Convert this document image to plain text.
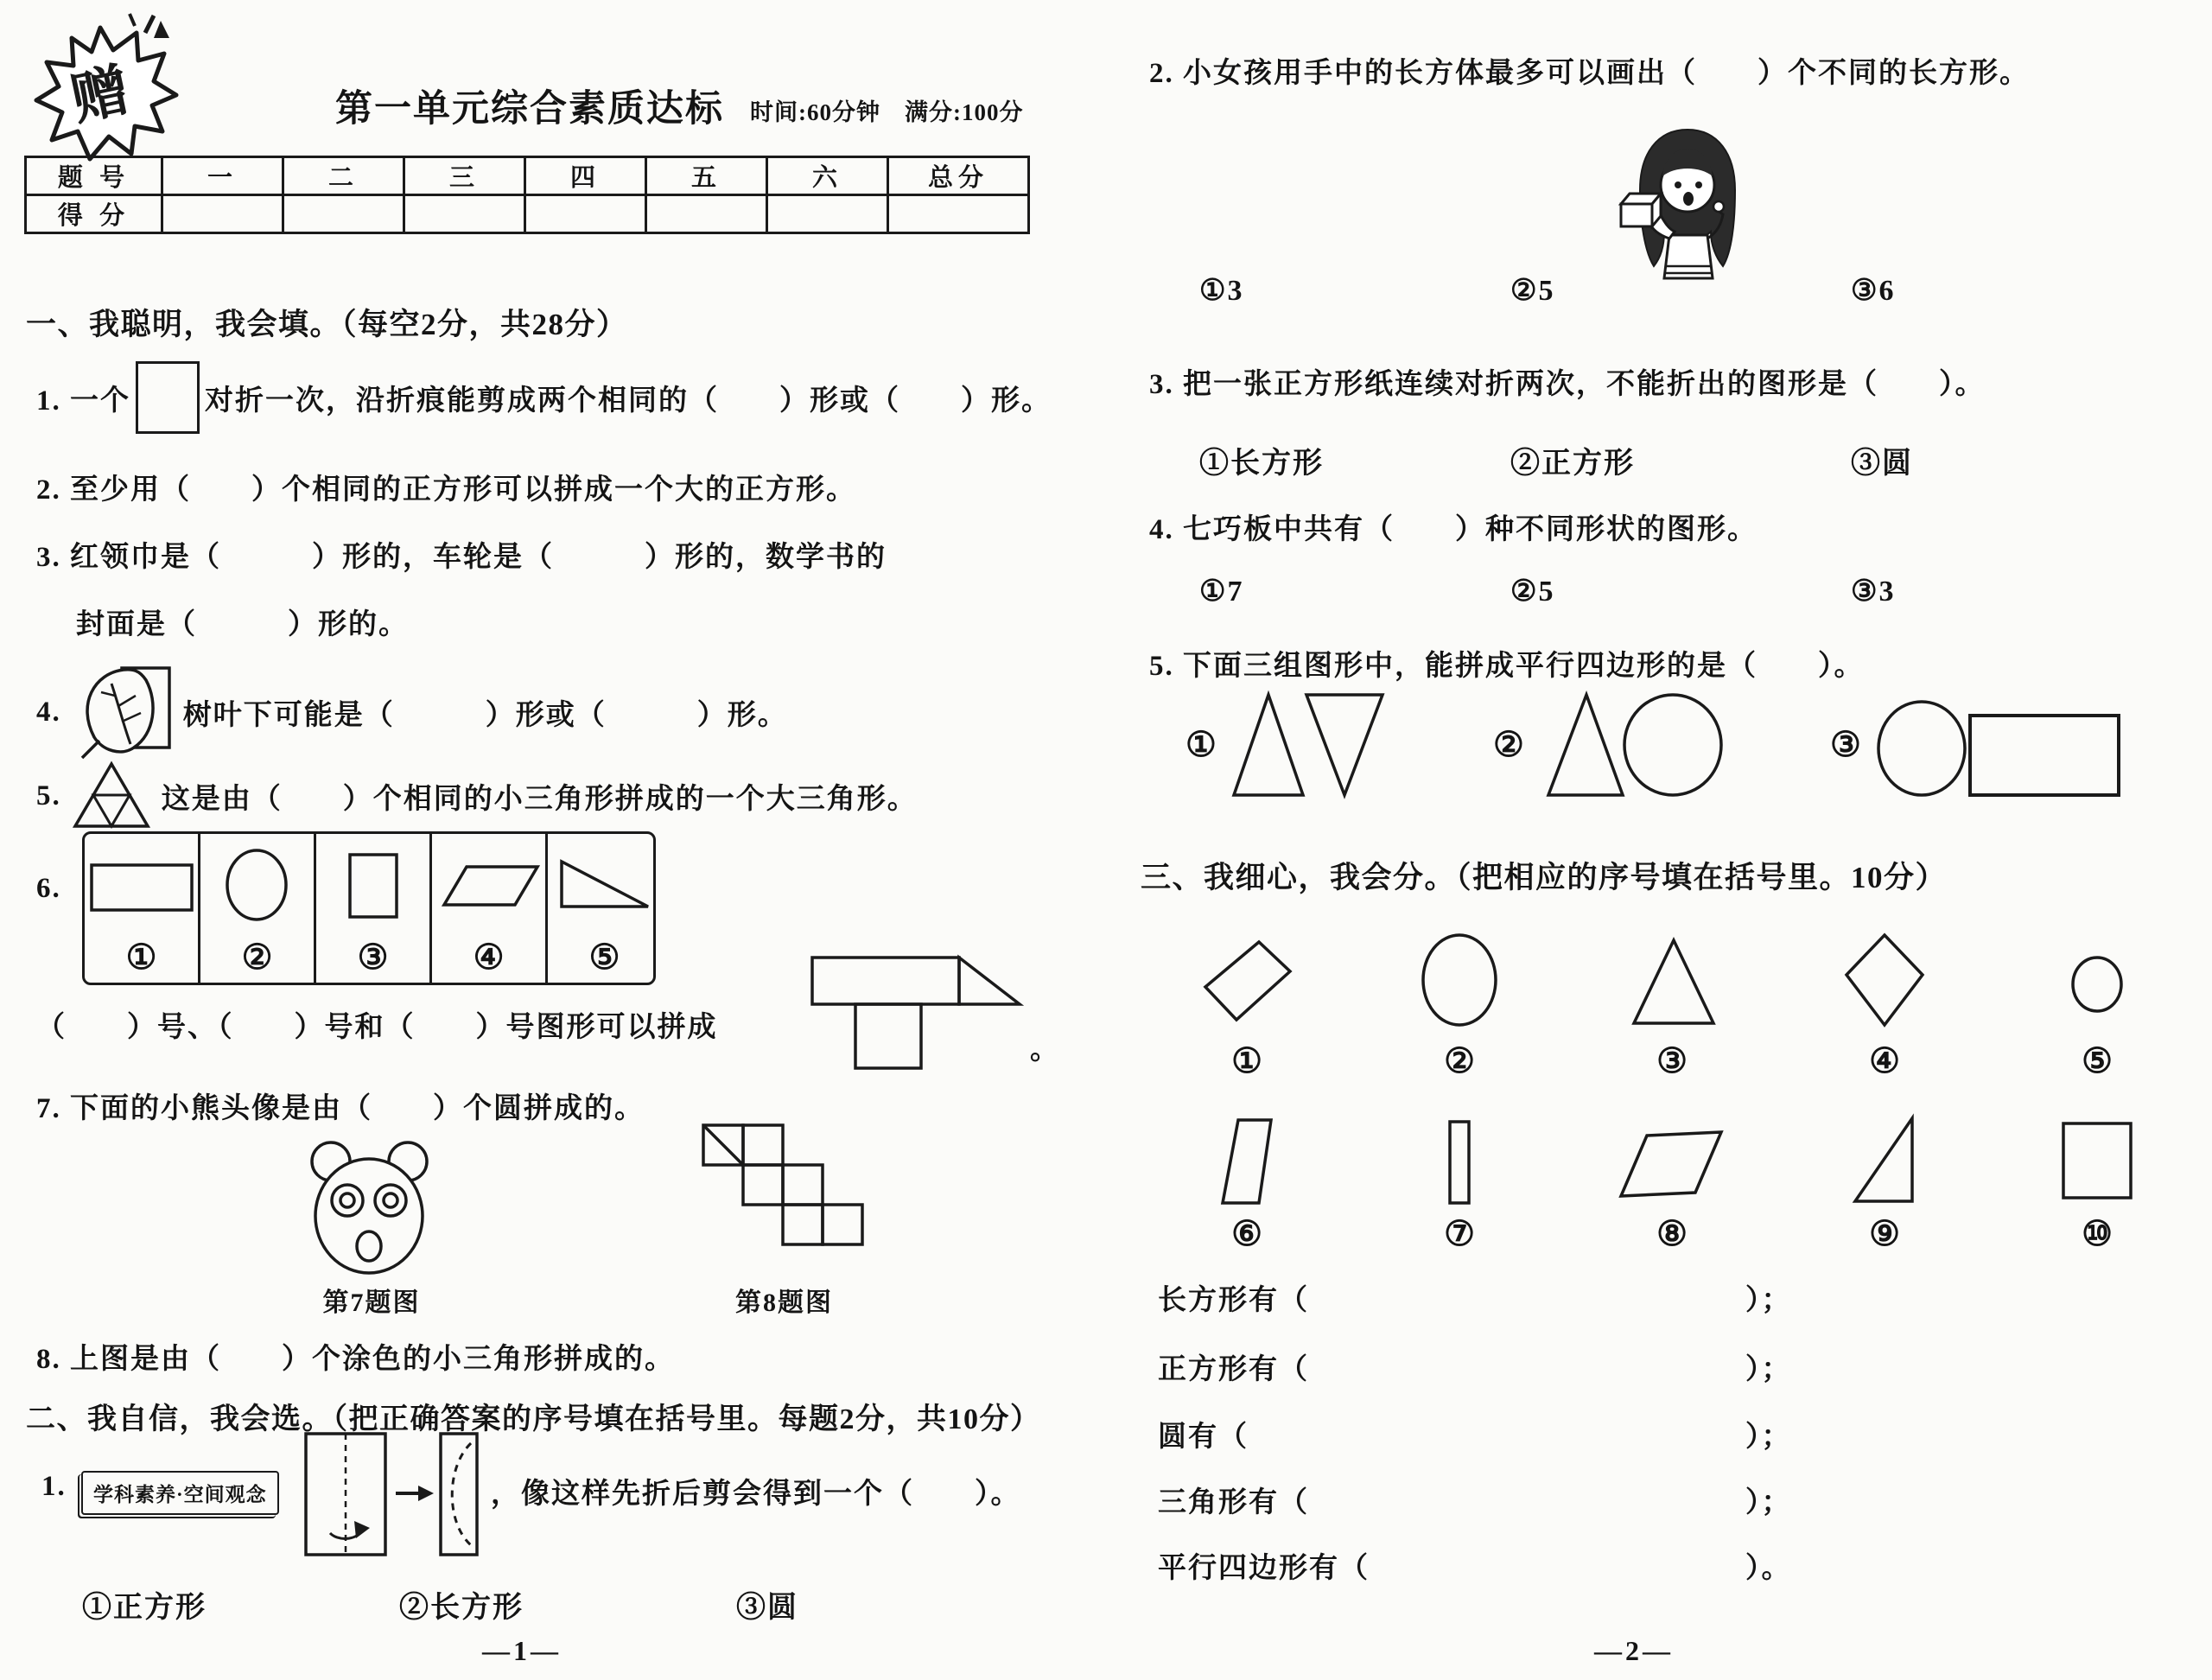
赠	第一单元综合素质达标 时间:60分钟　满分:100分
题 号	一	二	三	四	五	六	总分
得 分							
一、我聪明，我会填。（每空2分，共28分）
1. 一个	对折一次，沿折痕能剪成两个相同的（　　）形或（　　）形。
2. 至少用（　　）个相同的正方形可以拼成一个大的正方形。
3. 红领巾是（　　　）形的，车轮是（　　　）形的，数学书的
封面是（　　　）形的。
4.	树叶下可能是（　　　）形或（　　　）形。
5.	这是由（　　）个相同的小三角形拼成的一个大三角形。
6.
① ② ③ ④ ⑤
（　　）号、（　　）号和（　　）号图形可以拼成
。
7. 下面的小熊头像是由（　　）个圆拼成的。
第7题图	第8题图
8. 上图是由（　　）个涂色的小三角形拼成的。
二、我自信，我会选。（把正确答案的序号填在括号里。每题2分，共10分）
1.	学科素养·空间观念	，像这样先折后剪会得到一个（　　）。
①正方形	②长方形	③圆
—1—
2. 小女孩用手中的长方体最多可以画出（　　）个不同的长方形。
①3	②5	③6
3. 把一张正方形纸连续对折两次，不能折出的图形是（　　）。
①长方形	②正方形	③圆
4. 七巧板中共有（　　）种不同形状的图形。
①7	②5	③3
5. 下面三组图形中，能拼成平行四边形的是（　　）。
①	②	③
三、我细心，我会分。（把相应的序号填在括号里。10分）
①	②	③	④	⑤
⑥	⑦	⑧	⑨	⑩
长方形有（	）；
正方形有（	）；
圆有（	）；
三角形有（	）；
平行四边形有（	）。
—2—
